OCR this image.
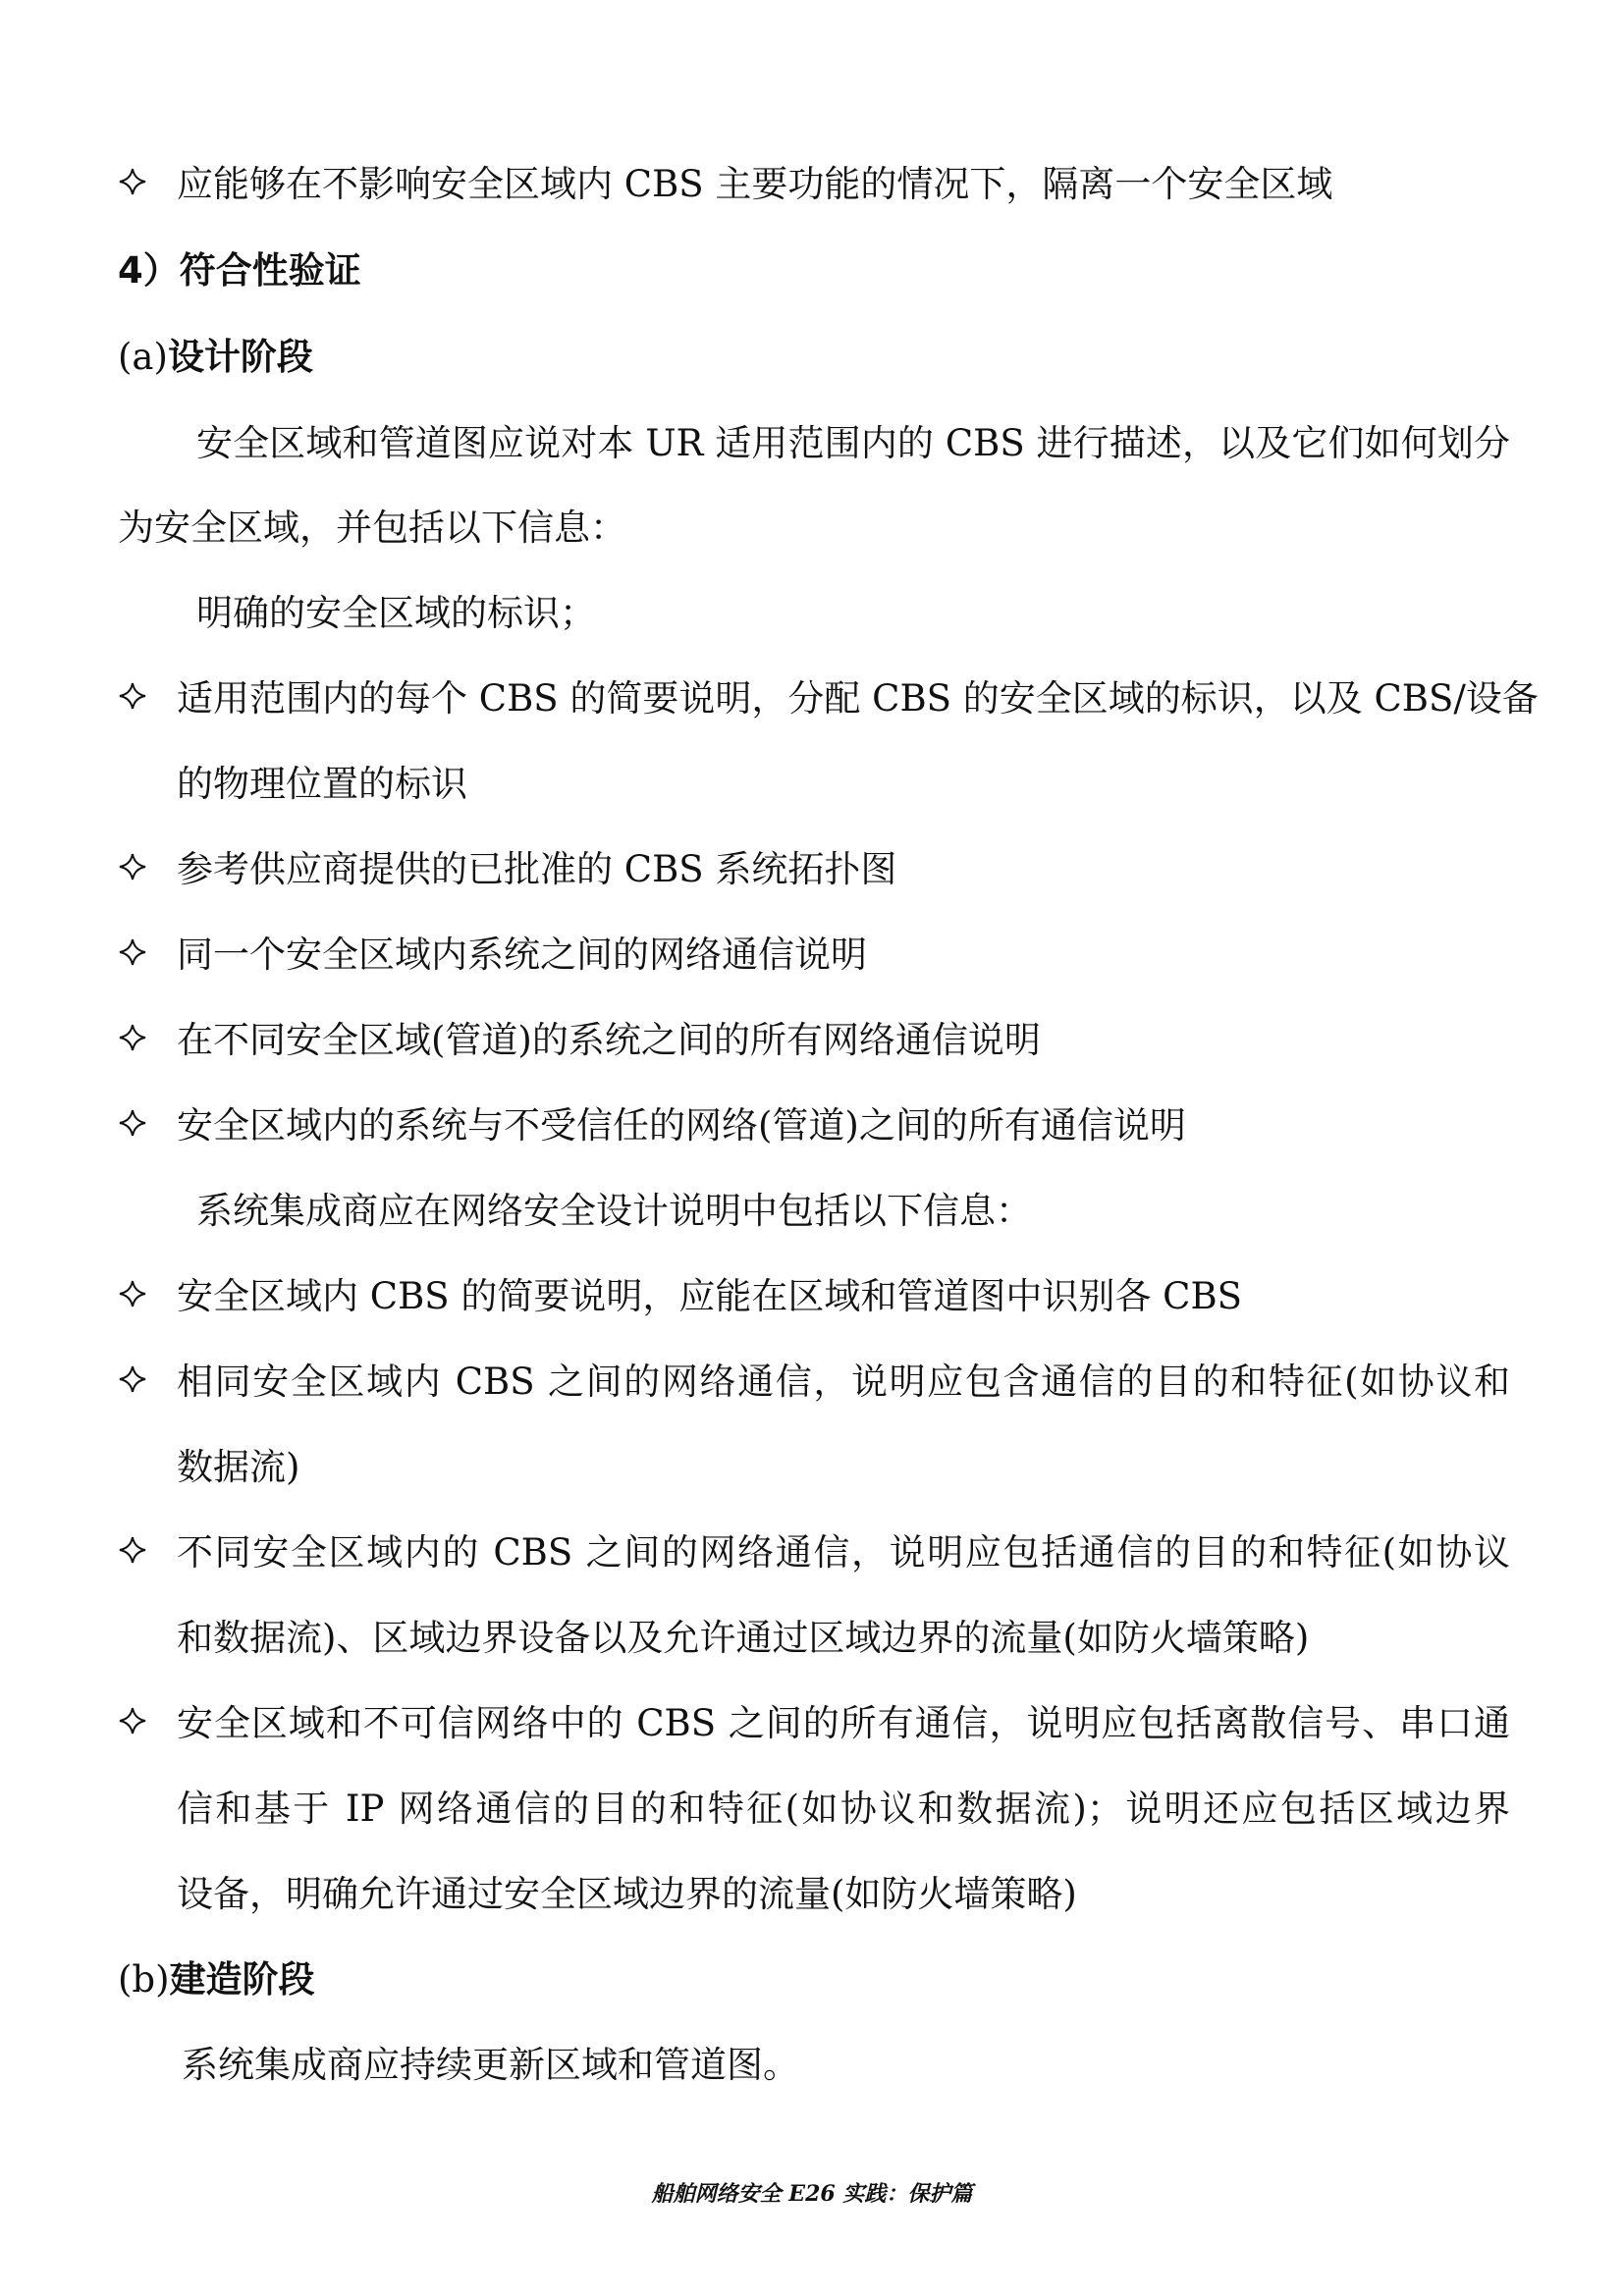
应能够在不影响安全区域内 CBS 主要功能的情况下，隔离一个安全区域
4）符合性验证
(a)设计阶段
安全区域和管道图应说对本 UR 适用范围内的 CBS 进行描述，以及它们如何划分
为安全区域，并包括以下信息：
明确的安全区域的标识；
适用范围内的每个 CBS 的简要说明，分配 CBS 的安全区域的标识，以及 CBS/设备
的物理位置的标识
参考供应商提供的已批准的 CBS 系统拓扑图
同一个安全区域内系统之间的网络通信说明
在不同安全区域(管道)的系统之间的所有网络通信说明
安全区域内的系统与不受信任的网络(管道)之间的所有通信说明
系统集成商应在网络安全设计说明中包括以下信息：
安全区域内 CBS 的简要说明，应能在区域和管道图中识别各 CBS
相同安全区域内 CBS 之间的网络通信，说明应包含通信的目的和特征(如协议和
数据流)
不同安全区域内的 CBS 之间的网络通信，说明应包括通信的目的和特征(如协议
和数据流)、区域边界设备以及允许通过区域边界的流量(如防火墙策略)
安全区域和不可信网络中的 CBS 之间的所有通信，说明应包括离散信号、串口通
信和基于 IP 网络通信的目的和特征(如协议和数据流)；说明还应包括区域边界
设备，明确允许通过安全区域边界的流量(如防火墙策略)
(b)建造阶段
系统集成商应持续更新区域和管道图。
船舶网络安全 E26 实践：保护篇
